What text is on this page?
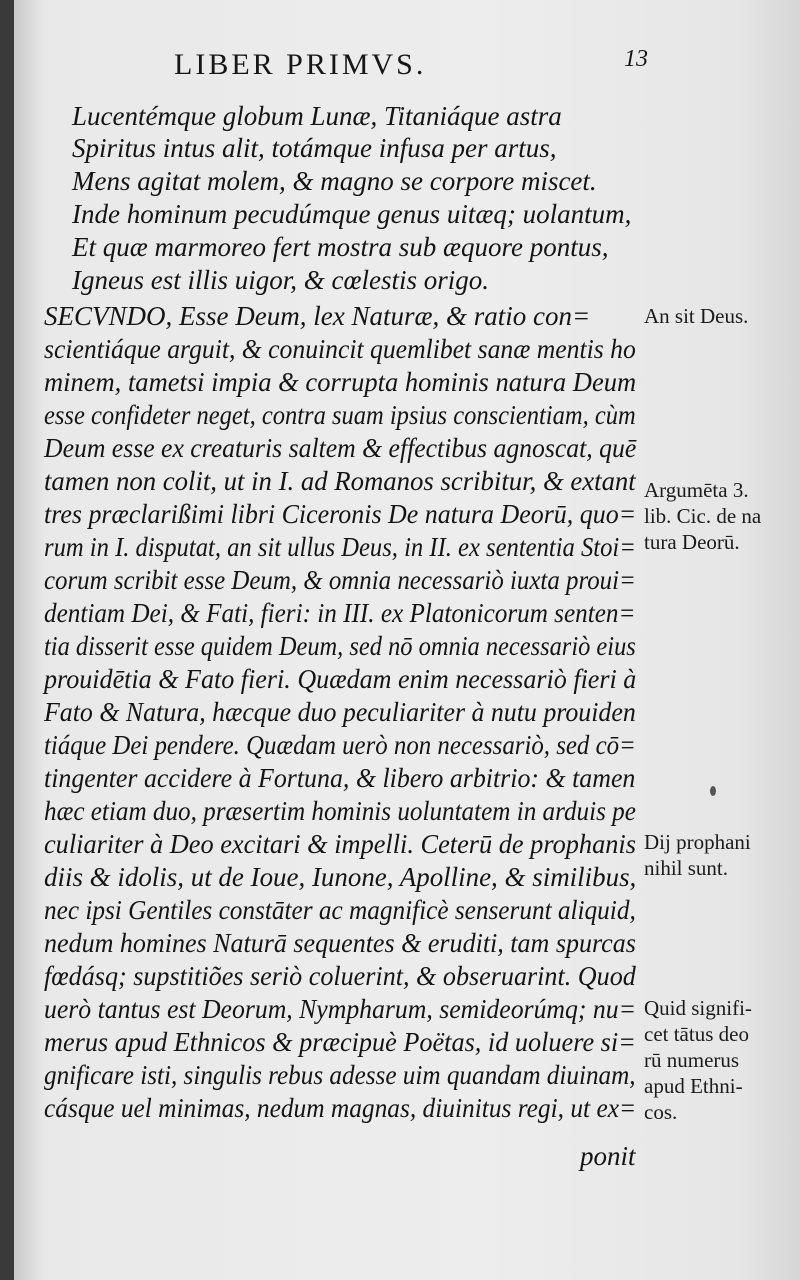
LIBER PRIMVS.	13
Lucentémque globum Lunæ, Titaniáque astra
Spiritus intus alit, totámque infusa per artus,
Mens agitat molem, & magno se corpore miscet.
Inde hominum pecudúmque genus uitæq; uolantum,
Et quæ marmoreo fert mostra sub æquore pontus,
Igneus est illis uigor, & cœlestis origo.
SECVNDO, Esse Deum, lex Naturæ, & ratio con=
scientiáque arguit, & conuincit quemlibet sanæ mentis ho
minem, tametsi impia & corrupta hominis natura Deum
esse confideter neget, contra suam ipsius conscientiam, cùm
Deum esse ex creaturis saltem & effectibus agnoscat, quē
tamen non colit, ut in I. ad Romanos scribitur, & extant
tres præclarißimi libri Ciceronis De natura Deorū, quo=
rum in I. disputat, an sit ullus Deus, in II. ex sententia Stoi=
corum scribit esse Deum, & omnia necessariò iuxta proui=
dentiam Dei, & Fati, fieri: in III. ex Platonicorum senten=
tia disserit esse quidem Deum, sed nō omnia necessariò eius
prouidētia & Fato fieri. Quædam enim necessariò fieri à
Fato & Natura, hæcque duo peculiariter à nutu prouiden
tiáque Dei pendere. Quædam uerò non necessariò, sed cō=
tingenter accidere à Fortuna, & libero arbitrio: & tamen
hæc etiam duo, præsertim hominis uoluntatem in arduis pe
culiariter à Deo excitari & impelli. Ceterū de prophanis
diis & idolis, ut de Ioue, Iunone, Apolline, & similibus,
nec ipsi Gentiles constāter ac magnificè senserunt aliquid,
nedum homines Naturā sequentes & eruditi, tam spurcas
fœdásq; supstitiões seriò coluerint, & obseruarint. Quod
uerò tantus est Deorum, Nympharum, semideorúmq; nu=
merus apud Ethnicos & præcipuè Poëtas, id uoluere si=
gnificare isti, singulis rebus adesse uim quandam diuinam,
cásque uel minimas, nedum magnas, diuinitus regi, ut ex=
ponit
An sit Deus.
Argumēta 3.
lib. Cic. de na
tura Deorū.
Dij prophani
nihil sunt.
Quid signifi-
cet tātus deo
rū numerus
apud Ethni-
cos.
